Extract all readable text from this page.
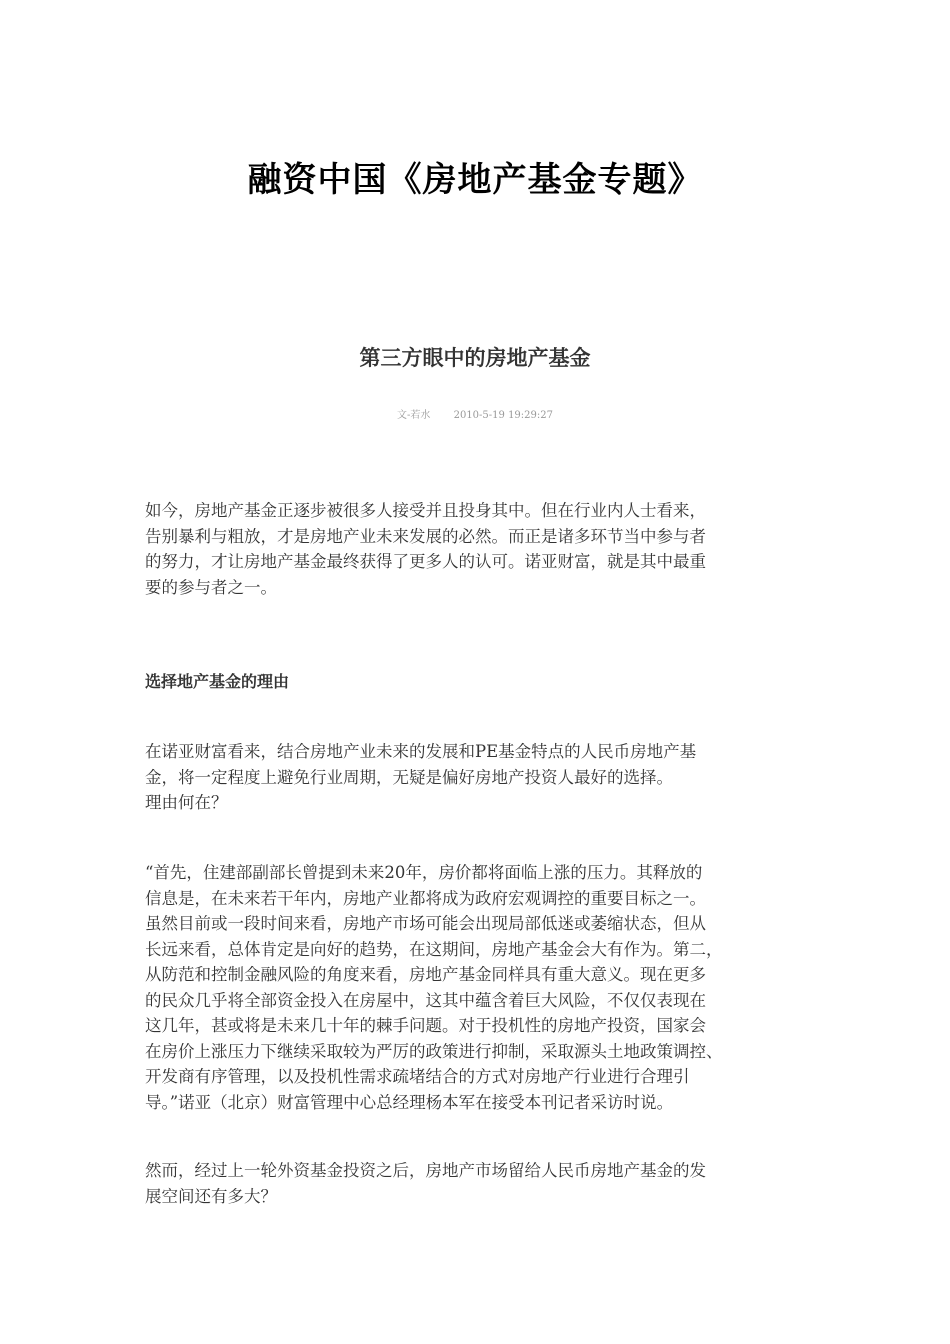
融资中国《房地产基金专题》
第三方眼中的房地产基金
文-若水 2010-5-19 19:29:27
如今，房地产基金正逐步被很多人接受并且投身其中。但在行业内人士看来，
告别暴利与粗放，才是房地产业未来发展的必然。而正是诸多环节当中参与者
的努力，才让房地产基金最终获得了更多人的认可。诺亚财富，就是其中最重
要的参与者之一。
选择地产基金的理由
在诺亚财富看来，结合房地产业未来的发展和PE基金特点的人民币房地产基
金，将一定程度上避免行业周期，无疑是偏好房地产投资人最好的选择。
理由何在？
“首先，住建部副部长曾提到未来20年，房价都将面临上涨的压力。其释放的
信息是，在未来若干年内，房地产业都将成为政府宏观调控的重要目标之一。
虽然目前或一段时间来看，房地产市场可能会出现局部低迷或萎缩状态，但从
长远来看，总体肯定是向好的趋势，在这期间，房地产基金会大有作为。第二，
从防范和控制金融风险的角度来看，房地产基金同样具有重大意义。现在更多
的民众几乎将全部资金投入在房屋中，这其中蕴含着巨大风险，不仅仅表现在
这几年，甚或将是未来几十年的棘手问题。对于投机性的房地产投资，国家会
在房价上涨压力下继续采取较为严厉的政策进行抑制，采取源头土地政策调控、
开发商有序管理，以及投机性需求疏堵结合的方式对房地产行业进行合理引
导。”诺亚（北京）财富管理中心总经理杨本军在接受本刊记者采访时说。
然而，经过上一轮外资基金投资之后，房地产市场留给人民币房地产基金的发
展空间还有多大？
